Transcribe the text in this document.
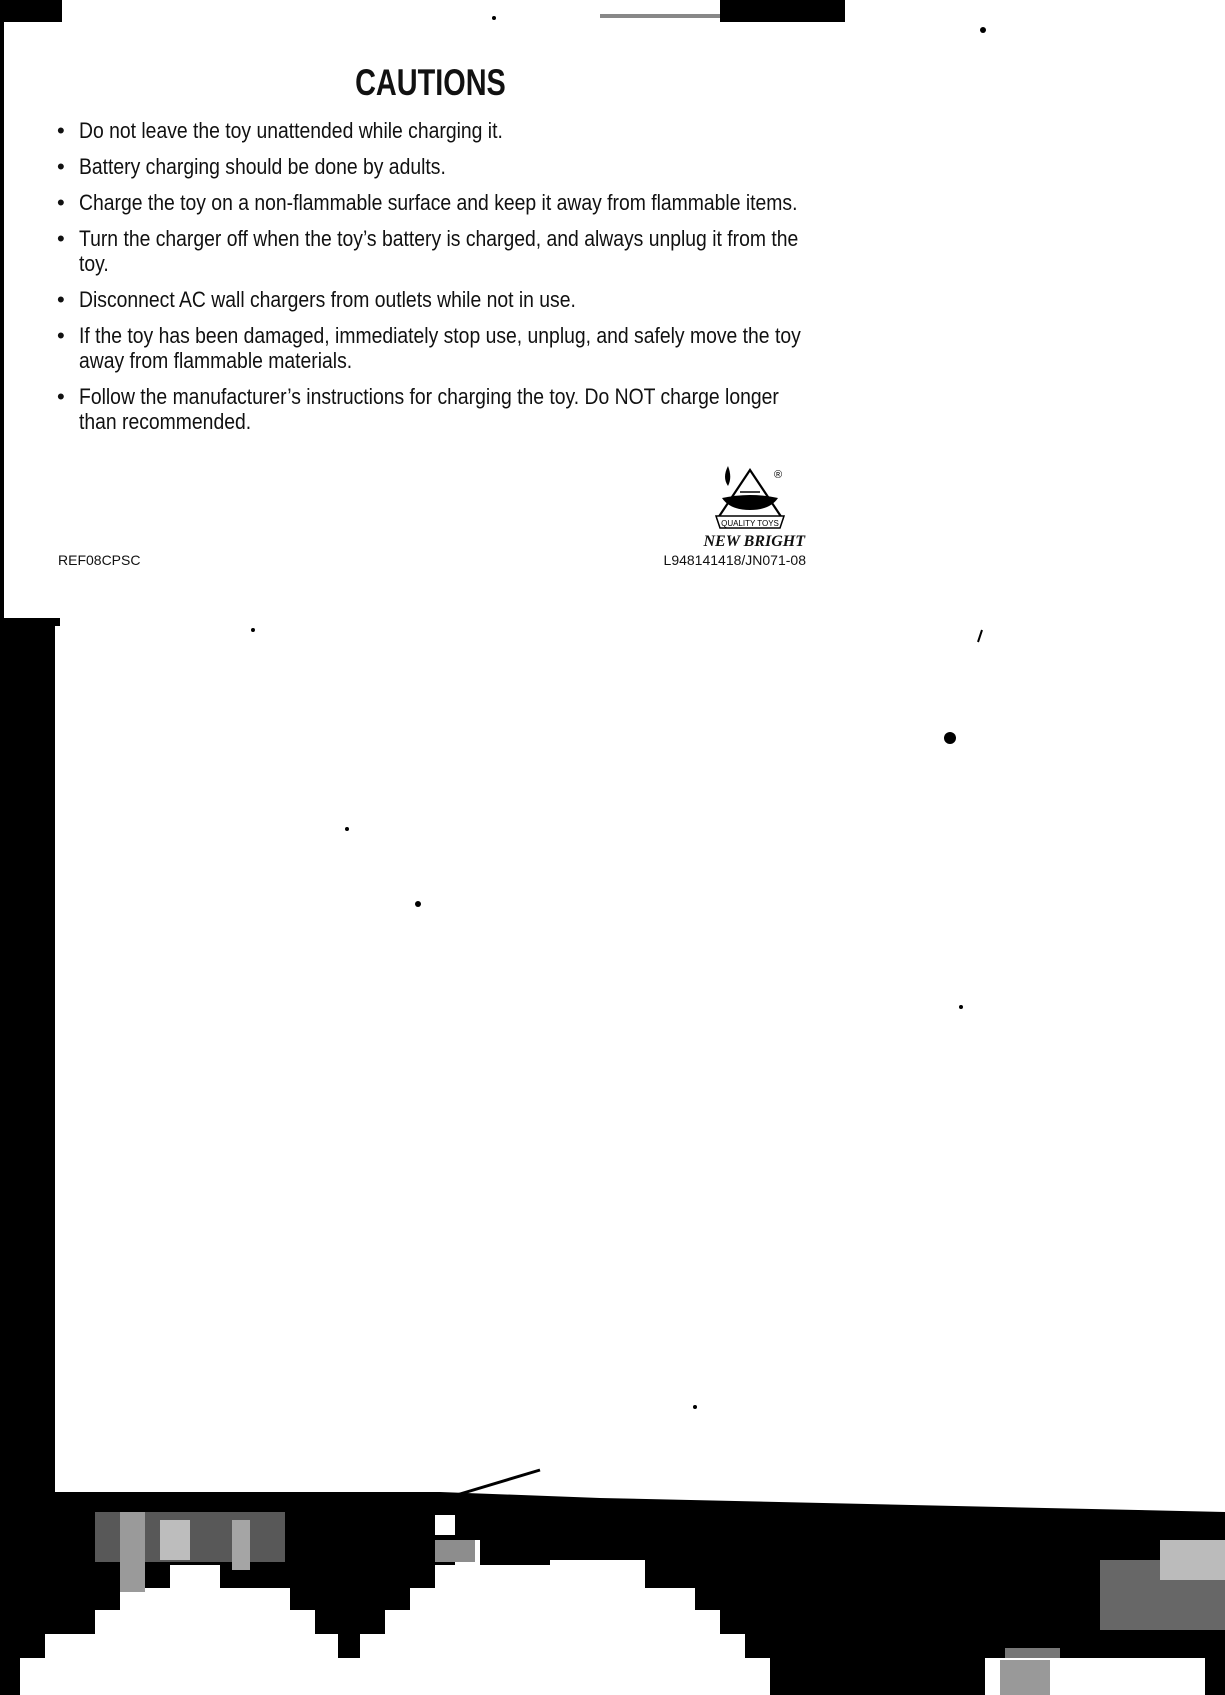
CAUTIONS
• Do not leave the toy unattended while charging it.
• Battery charging should be done by adults.
• Charge the toy on a non-flammable surface and keep it away from flammable items.
• Turn the charger off when the toy’s battery is charged, and always unplug it from the toy.
• Disconnect AC wall chargers from outlets while not in use.
• If the toy has been damaged, immediately stop use, unplug, and safely move the toy away from flammable materials.
• Follow the manufacturer’s instructions for charging the toy. Do NOT charge longer than recommended.
QUALITY TOYS
®
NEW BRIGHT
REF08CPSC	L948141418/JN071-08
